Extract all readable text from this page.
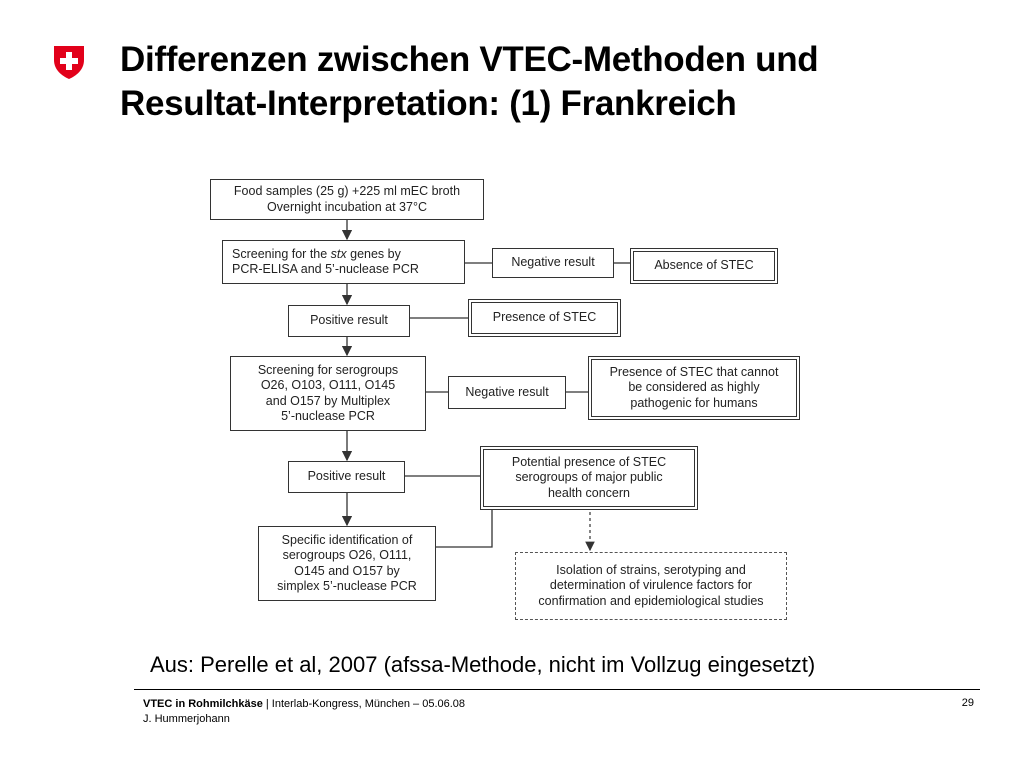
Differenzen zwischen VTEC-Methoden und
Resultat-Interpretation: (1) Frankreich
Food samples (25 g) +225 ml mEC broth
Overnight incubation at 37°C
Screening for the stx genes by
PCR-ELISA and 5’-nuclease PCR	Negative result	Absence of STEC
Positive result	Presence of STEC
Screening for serogroups
O26, O103, O111, O145
and O157 by Multiplex
5’-nuclease PCR
Negative result
Presence of STEC that cannot
be considered as highly
pathogenic for humans
Positive result
Potential presence of STEC
serogroups of major public
health concern
Specific identification of
serogroups O26, O111,
O145 and O157 by
simplex 5’-nuclease PCR
Isolation of strains, serotyping and
determination of virulence factors for
confirmation and epidemiological studies
Aus: Perelle et al, 2007 (afssa-Methode, nicht im Vollzug eingesetzt)
VTEC in Rohmilchkäse | Interlab-Kongress, München – 05.06.08
J. Hummerjohann
29
